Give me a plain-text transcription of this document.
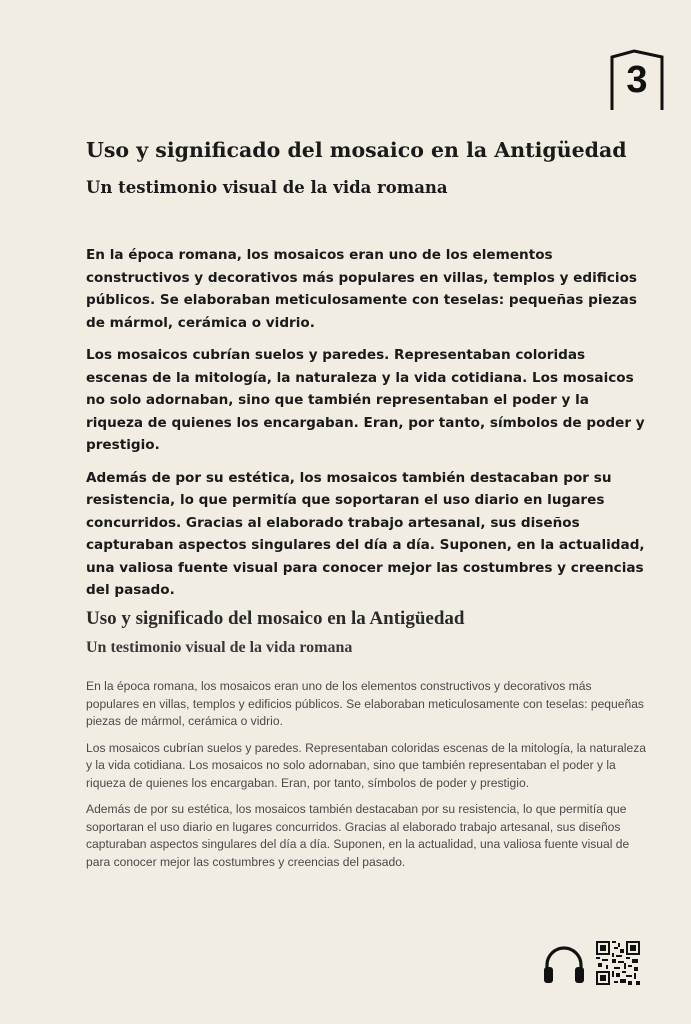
3
Uso y significado del mosaico en la Antigüedad
Un testimonio visual de la vida romana

En la época romana, los mosaicos eran uno de los elementos constructivos y decorativos más populares en villas, templos y edificios públicos. Se elaboraban meticulosamente con teselas: pequeñas piezas de mármol, cerámica o vidrio.

Los mosaicos cubrían suelos y paredes. Representaban coloridas escenas de la mitología, la naturaleza y la vida cotidiana. Los mosaicos no solo adornaban, sino que también representaban el poder y la riqueza de quienes los encargaban. Eran, por tanto, símbolos de poder y prestigio.

Además de por su estética, los mosaicos también destacaban por su resistencia, lo que permitía que soportaran el uso diario en lugares concurridos. Gracias al elaborado trabajo artesanal, sus diseños capturaban aspectos singulares del día a día. Suponen, en la actualidad, una valiosa fuente visual para conocer mejor las costumbres y creencias del pasado.

Uso y significado del mosaico en la Antigüedad
Un testimonio visual de la vida romana

En la época romana, los mosaicos eran uno de los elementos constructivos y decorativos más populares en villas, templos y edificios públicos. Se elaboraban meticulosamente con teselas: pequeñas piezas de mármol, cerámica o vidrio.

Los mosaicos cubrían suelos y paredes. Representaban coloridas escenas de la mitología, la naturaleza y la vida cotidiana. Los mosaicos no solo adornaban, sino que también representaban el poder y la riqueza de quienes los encargaban. Eran, por tanto, símbolos de poder y prestigio.

Además de por su estética, los mosaicos también destacaban por su resistencia, lo que permitía que soportaran el uso diario en lugares concurridos. Gracias al elaborado trabajo artesanal, sus diseños capturaban aspectos singulares del día a día. Suponen, en la actualidad, una valiosa fuente visual de para conocer mejor las costumbres y creencias del pasado.
